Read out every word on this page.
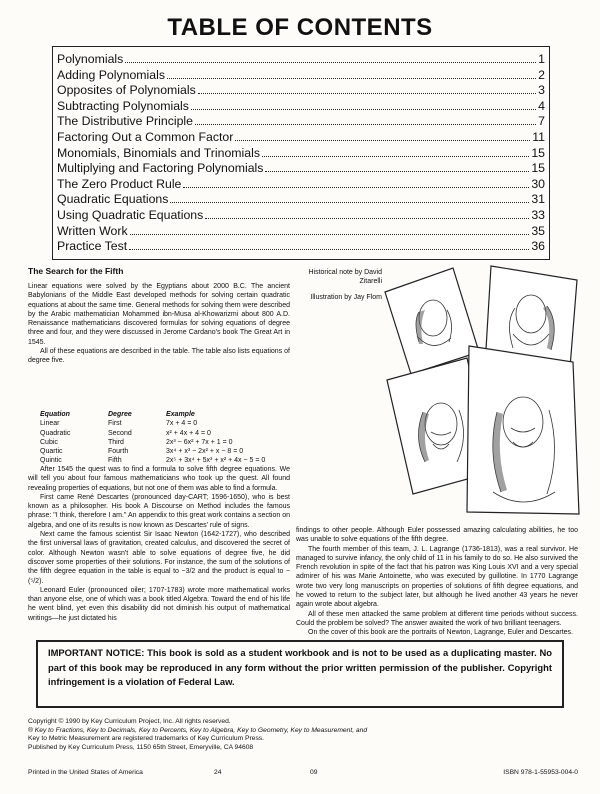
TABLE OF CONTENTS
Polynomials	1
Adding Polynomials	2
Opposites of Polynomials	3
Subtracting Polynomials	4
The Distributive Principle	7
Factoring Out a Common Factor	11
Monomials, Binomials and Trinomials	15
Multiplying and Factoring Polynomials	15
The Zero Product Rule	30
Quadratic Equations	31
Using Quadratic Equations	33
Written Work	35
Practice Test	36
The Search for the Fifth

Linear equations were solved by the Egyptians about 2000 B.C. The ancient Babylonians of the Middle East developed methods for solving certain quadratic equations at about the same time. General methods for solving them were described by the Arabic mathematician Mohammed ibn-Musa al-Khowarizmi about 800 A.D. Renaissance mathematicians discovered formulas for solving equations of degree three and four, and they were discussed in Jerome Cardano's book The Great Art in 1545.

All of these equations are described in the table. The table also lists equations of degree five.

Equation	Degree	Example
Linear	First	7x + 4 = 0
Quadratic	Second	x² + 4x + 4 = 0
Cubic	Third	2x³ − 6x² + 7x + 1 = 0
Quartic	Fourth	3x⁴ + x³ − 2x² + x − 8 = 0
Quintic	Fifth	2x⁵ + 3x⁴ + 5x³ + x² + 4x − 5 = 0

After 1545 the quest was to find a formula to solve fifth degree equations. We will tell you about four famous mathematicians who took up the quest. All found revealing properties of equations, but not one of them was able to find a formula.

First came René Descartes (pronounced day-CART; 1596-1650), who is best known as a philosopher. His book A Discourse on Method includes the famous phrase: "I think, therefore I am." An appendix to this great work contains a section on algebra, and one of its results is now known as Descartes' rule of signs.

Next came the famous scientist Sir Isaac Newton (1642-1727), who described the first universal laws of gravitation, created calculus, and discovered the secret of color. Although Newton wasn't able to solve equations of degree five, he did discover some properties of their solutions. For instance, the sum of the solutions of the fifth degree equation in the table is equal to −3/2 and the product is equal to −(⁵/2).

Leonard Euler (pronounced oiler; 1707-1783) wrote more mathematical works than anyone else, one of which was a book titled Algebra. Toward the end of his life he went blind, yet even this disability did not diminish his output of mathematical writings—he just dictated his

Historical note by David Zitarelli
Illustration by Jay Flom

findings to other people. Although Euler possessed amazing calculating abilities, he too was unable to solve equations of the fifth degree.

The fourth member of this team, J. L. Lagrange (1736-1813), was a real survivor. He managed to survive infancy, the only child of 11 in his family to do so. He also survived the French revolution in spite of the fact that his patron was King Louis XVI and a very special admirer of his was Marie Antoinette, who was executed by guillotine. In 1770 Lagrange wrote two very long manuscripts on properties of solutions of fifth degree equations, and he vowed to return to the subject later, but although he lived another 43 years he never again wrote about algebra.

All of these men attacked the same problem at different time periods without success. Could the problem be solved? The answer awaited the work of two brilliant teenagers.

On the cover of this book are the portraits of Newton, Lagrange, Euler and Descartes.

IMPORTANT NOTICE: This book is sold as a student workbook and is not to be used as a duplicating master. No part of this book may be reproduced in any form without the prior written permission of the publisher. Copyright infringement is a violation of Federal Law.
Copyright © 1990 by Key Curriculum Project, Inc. All rights reserved.
® Key to Fractions, Key to Decimals, Key to Percents, Key to Algebra, Key to Geometry, Key to Measurement, and
Key to Metric Measurement are registered trademarks of Key Curriculum Press.
Published by Key Curriculum Press, 1150 65th Street, Emeryville, CA 94608
Printed in the United States of America	24	09	ISBN 978-1-55953-004-0
